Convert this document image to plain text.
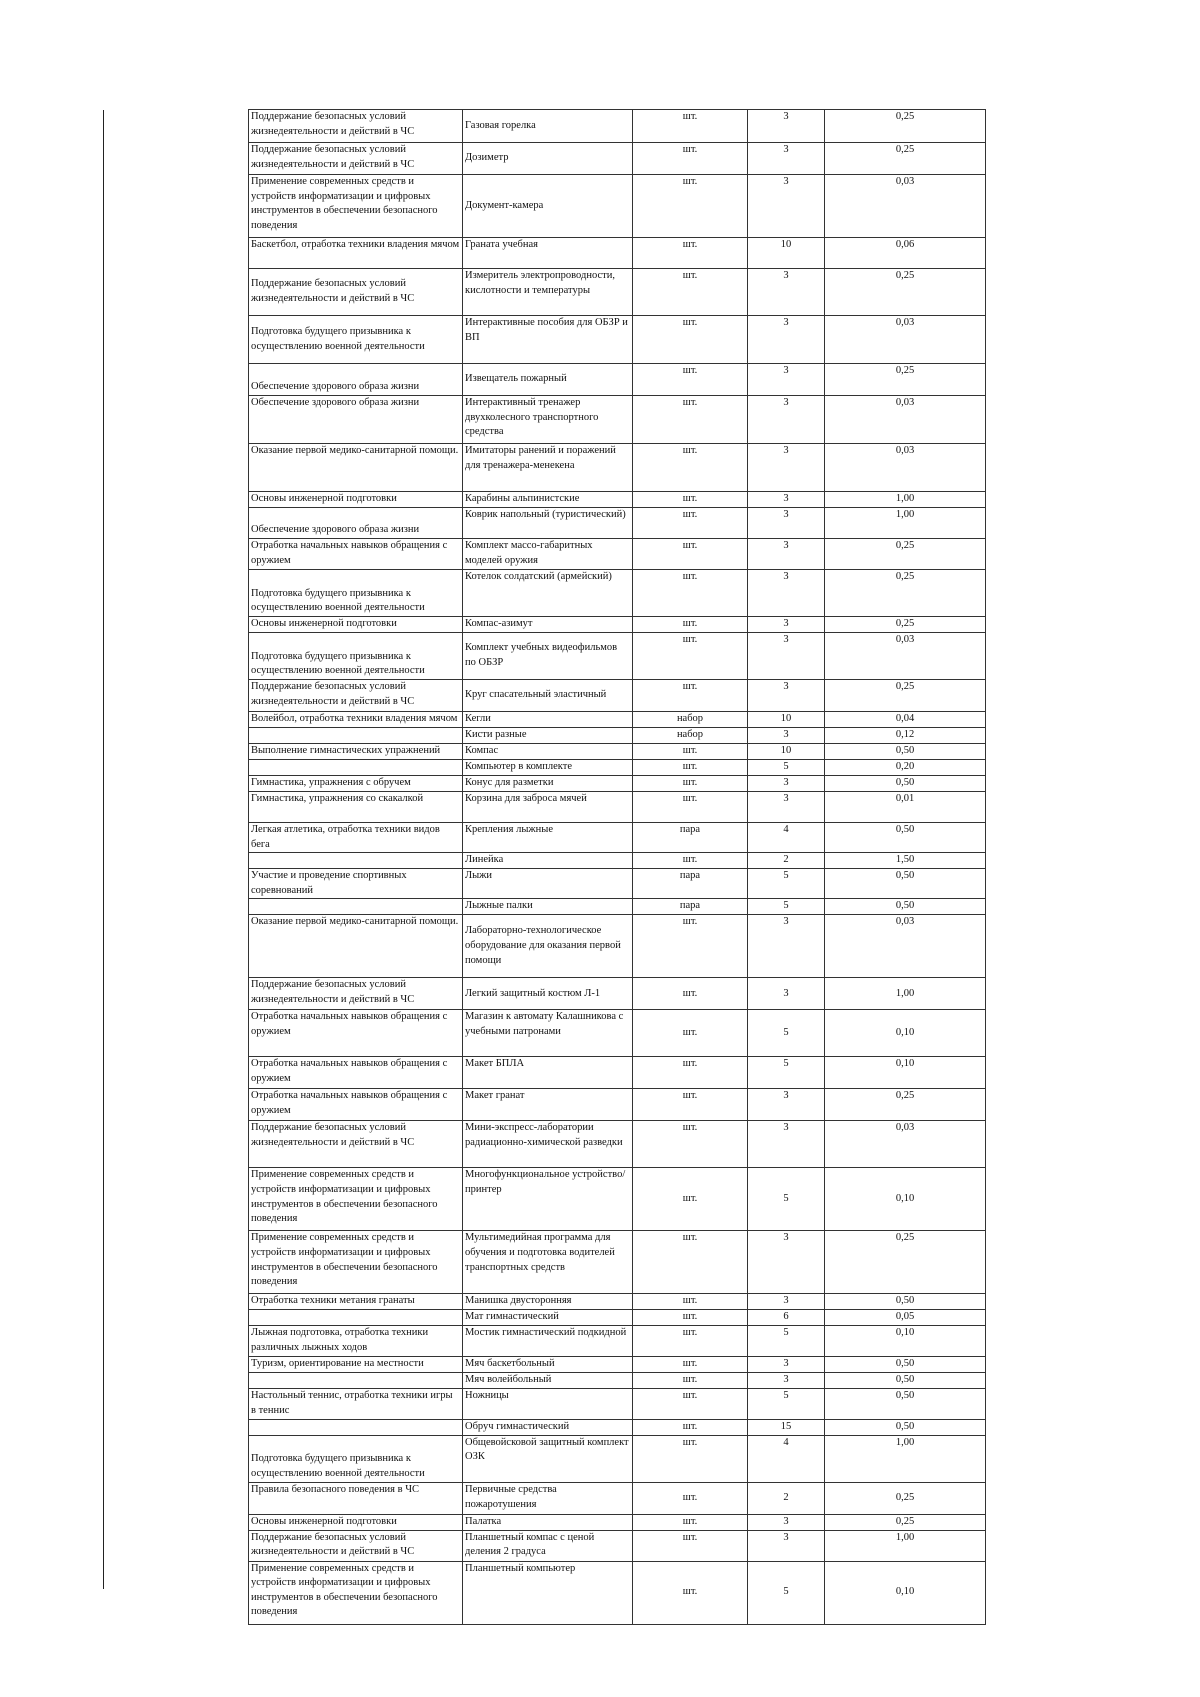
Поддержание безопасных условий жизнедеятельности и действий в ЧС	Газовая горелка	шт.	3	0,25
Поддержание безопасных условий жизнедеятельности и действий в ЧС	Дозиметр	шт.	3	0,25
Применение современных средств и устройств информатизации и цифровых инструментов в обеспечении безопасного поведения	Документ-камера	шт.	3	0,03
Баскетбол, отработка техники владения мячом	Граната учебная	шт.	10	0,06
Поддержание безопасных условий жизнедеятельности и действий в ЧС	Измеритель электропроводности, кислотности и температуры	шт.	3	0,25
Подготовка будущего призывника к осуществлению военной деятельности	Интерактивные пособия для ОБЗР и ВП	шт.	3	0,03
Обеспечение здорового образа жизни	Извещатель пожарный	шт.	3	0,25
Обеспечение здорового образа жизни	Интерактивный тренажер двухколесного транспортного средства	шт.	3	0,03
Оказание первой медико-санитарной помощи.	Имитаторы ранений и поражений для тренажера-менекена	шт.	3	0,03
Основы инженерной подготовки	Карабины альпинистские	шт.	3	1,00
Обеспечение здорового образа жизни	Коврик напольный (туристический)	шт.	3	1,00
Отработка начальных навыков обращения с оружием	Комплект массо-габаритных моделей оружия	шт.	3	0,25
Подготовка будущего призывника к осуществлению военной деятельности	Котелок солдатский (армейский)	шт.	3	0,25
Основы инженерной подготовки	Компас-азимут	шт.	3	0,25
Подготовка будущего призывника к осуществлению военной деятельности	Комплект учебных видеофильмов по ОБЗР	шт.	3	0,03
Поддержание безопасных условий жизнедеятельности и действий в ЧС	Круг спасательный эластичный	шт.	3	0,25
Волейбол, отработка техники владения мячом	Кегли	набор	10	0,04
	Кисти разные	набор	3	0,12
Выполнение гимнастических упражнений	Компас	шт.	10	0,50
	Компьютер в комплекте	шт.	5	0,20
Гимнастика, упражнения с обручем	Конус для разметки	шт.	3	0,50
Гимнастика, упражнения со скакалкой	Корзина для заброса мячей	шт.	3	0,01
Легкая атлетика, отработка техники видов бега	Крепления лыжные	пара	4	0,50
	Линейка	шт.	2	1,50
Участие и проведение спортивных соревнований	Лыжи	пара	5	0,50
	Лыжные палки	пара	5	0,50
Оказание первой медико-санитарной помощи.	Лабораторно-технологическое оборудование для оказания первой помощи	шт.	3	0,03
Поддержание безопасных условий жизнедеятельности и действий в ЧС	Легкий защитный костюм Л-1	шт.	3	1,00
Отработка начальных навыков обращения с оружием	Магазин к автомату Калашникова с учебными патронами	шт.	5	0,10
Отработка начальных навыков обращения с оружием	Макет БПЛА	шт.	5	0,10
Отработка начальных навыков обращения с оружием	Макет гранат	шт.	3	0,25
Поддержание безопасных условий жизнедеятельности и действий в ЧС	Мини-экспресс-лаборатории радиационно-химической разведки	шт.	3	0,03
Применение современных средств и устройств информатизации и цифровых инструментов в обеспечении безопасного поведения	Многофункциональное устройство/принтер	шт.	5	0,10
Применение современных средств и устройств информатизации и цифровых инструментов в обеспечении безопасного поведения	Мультимедийная программа для обучения и подготовка водителей транспортных средств	шт.	3	0,25
Отработка техники метания гранаты	Манишка двусторонняя	шт.	3	0,50
	Мат гимнастический	шт.	6	0,05
Лыжная подготовка, отработка техники различных лыжных ходов	Мостик гимнастический подкидной	шт.	5	0,10
Туризм, ориентирование на местности	Мяч баскетбольный	шт.	3	0,50
	Мяч волейбольный	шт.	3	0,50
Настольный теннис, отработка техники игры в теннис	Ножницы	шт.	5	0,50
	Обруч гимнастический	шт.	15	0,50
Подготовка будущего призывника к осуществлению военной деятельности	Общевойсковой защитный комплект ОЗК	шт.	4	1,00
Правила безопасного поведения в ЧС	Первичные средства пожаротушения	шт.	2	0,25
Основы инженерной подготовки	Палатка	шт.	3	0,25
Поддержание безопасных условий жизнедеятельности и действий в ЧС	Планшетный компас с ценой деления 2 градуса	шт.	3	1,00
Применение современных средств и устройств информатизации и цифровых инструментов в обеспечении безопасного поведения	Планшетный компьютер	шт.	5	0,10
